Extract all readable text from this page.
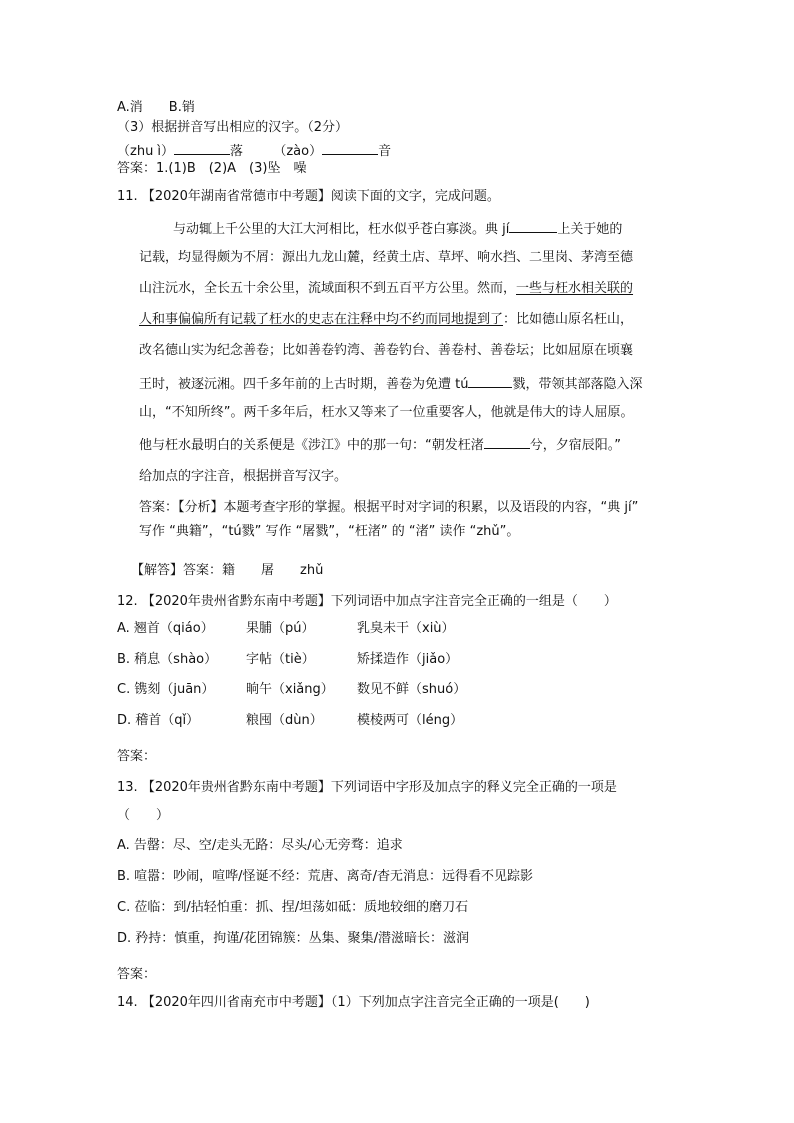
A.消　　B.销
（3）根据拼音写出相应的汉字。（2分）
（zhu ì）	落 （zào）	音
答案：1.(1)B　(2)A　(3)坠　噪
11. 【2020年湖南省常德市中考题】阅读下面的文字，完成问题。
与动辄上千公里的大江大河相比，枉水似乎苍白寡淡。典 jí	上关于她的
记载，均显得颇为不屑：源出九龙山麓，经黄土店、草坪、响水挡、二里岗、茅湾至德
山注沅水，全长五十余公里，流域面积不到五百平方公里。然而，一些与枉水相关联的
人和事偏偏所有记载了枉水的史志在注释中均不约而同地提到了：比如德山原名枉山，
改名德山实为纪念善卷；比如善卷钓湾、善卷钓台、善卷村、善卷坛；比如屈原在顷襄
王时，被逐沅湘。四千多年前的上古时期，善卷为免遭 tú	戮，带领其部落隐入深
山，“不知所终”。两千多年后，枉水又等来了一位重要客人，他就是伟大的诗人屈原。
他与枉水最明白的关系便是《涉江》中的那一句：“朝发枉渚	兮，夕宿辰阳。”
给加点的字注音，根据拼音写汉字。
答案：【分析】本题考查字形的掌握。根据平时对字词的积累，以及语段的内容，“典 jí”
写作 “典籍”，“tú戮” 写作 “屠戮”，“枉渚” 的 “渚” 读作 “zhǔ”。
【解答】答案：籍　　屠　　zhǔ
12. 【2020年贵州省黔东南中考题】下列词语中加点字注音完全正确的一组是（　　）
A. 翘首（qiáo） 果脯（pú）	乳臭未干（xiù）
B. 稍息（shào） 字帖（tiè）	矫揉造作（jiǎo）
C. 镌刻（juān） 晌午（xiǎng） 数见不鲜（shuó）
D. 稽首（qǐ）	粮囤（dùn）	模棱两可（léng）
答案：
13. 【2020年贵州省黔东南中考题】下列词语中字形及加点字的释义完全正确的一项是
（　　）
A. 告罄：尽、空/走头无路：尽头/心无旁骛：追求
B. 喧嚣：吵闹，喧哗/怪诞不经：荒唐、离奇/杳无消息：远得看不见踪影
C. 莅临：到/拈轻怕重：抓、捏/坦荡如砥：质地较细的磨刀石
D. 矜持：慎重，拘谨/花团锦簇：丛集、聚集/潜滋暗长：滋润
答案：
14. 【2020年四川省南充市中考题】（1）下列加点字注音完全正确的一项是(　　)
